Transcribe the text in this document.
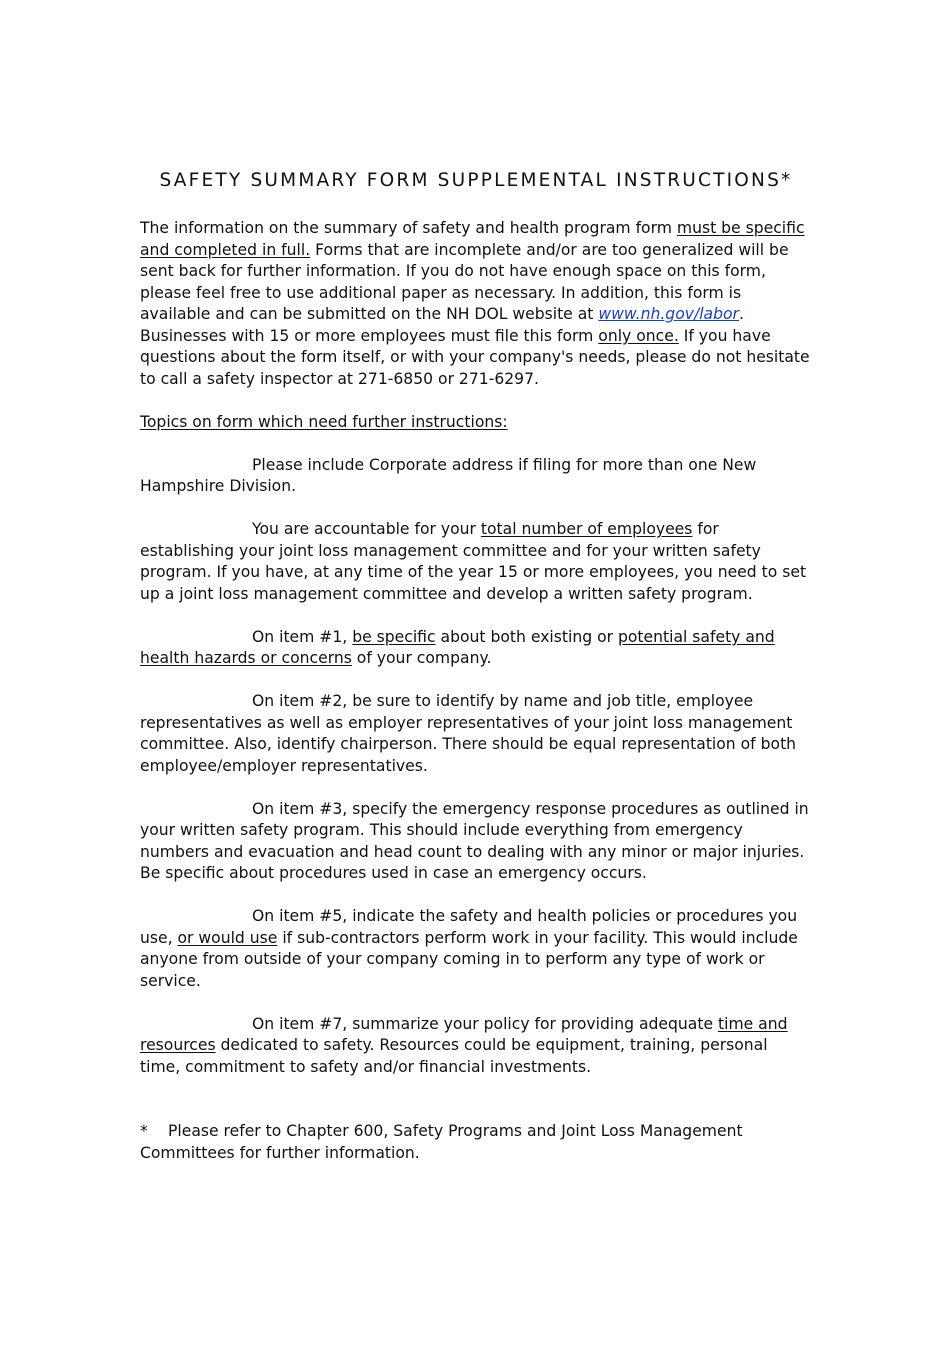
SAFETY SUMMARY FORM SUPPLEMENTAL INSTRUCTIONS*

The information on the summary of safety and health program form must be specific and completed in full. Forms that are incomplete and/or are too generalized will be sent back for further information. If you do not have enough space on this form, please feel free to use additional paper as necessary. In addition, this form is available and can be submitted on the NH DOL website at www.nh.gov/labor. Businesses with 15 or more employees must file this form only once. If you have questions about the form itself, or with your company's needs, please do not hesitate to call a safety inspector at 271-6850 or 271-6297.

Topics on form which need further instructions:

Please include Corporate address if filing for more than one New Hampshire Division.

You are accountable for your total number of employees for establishing your joint loss management committee and for your written safety program. If you have, at any time of the year 15 or more employees, you need to set up a joint loss management committee and develop a written safety program.

On item #1, be specific about both existing or potential safety and health hazards or concerns of your company.

On item #2, be sure to identify by name and job title, employee representatives as well as employer representatives of your joint loss management committee. Also, identify chairperson. There should be equal representation of both employee/employer representatives.

On item #3, specify the emergency response procedures as outlined in your written safety program. This should include everything from emergency numbers and evacuation and head count to dealing with any minor or major injuries. Be specific about procedures used in case an emergency occurs.

On item #5, indicate the safety and health policies or procedures you use, or would use if sub-contractors perform work in your facility. This would include anyone from outside of your company coming in to perform any type of work or service.

On item #7, summarize your policy for providing adequate time and resources dedicated to safety. Resources could be equipment, training, personal time, commitment to safety and/or financial investments.

* Please refer to Chapter 600, Safety Programs and Joint Loss Management Committees for further information.
